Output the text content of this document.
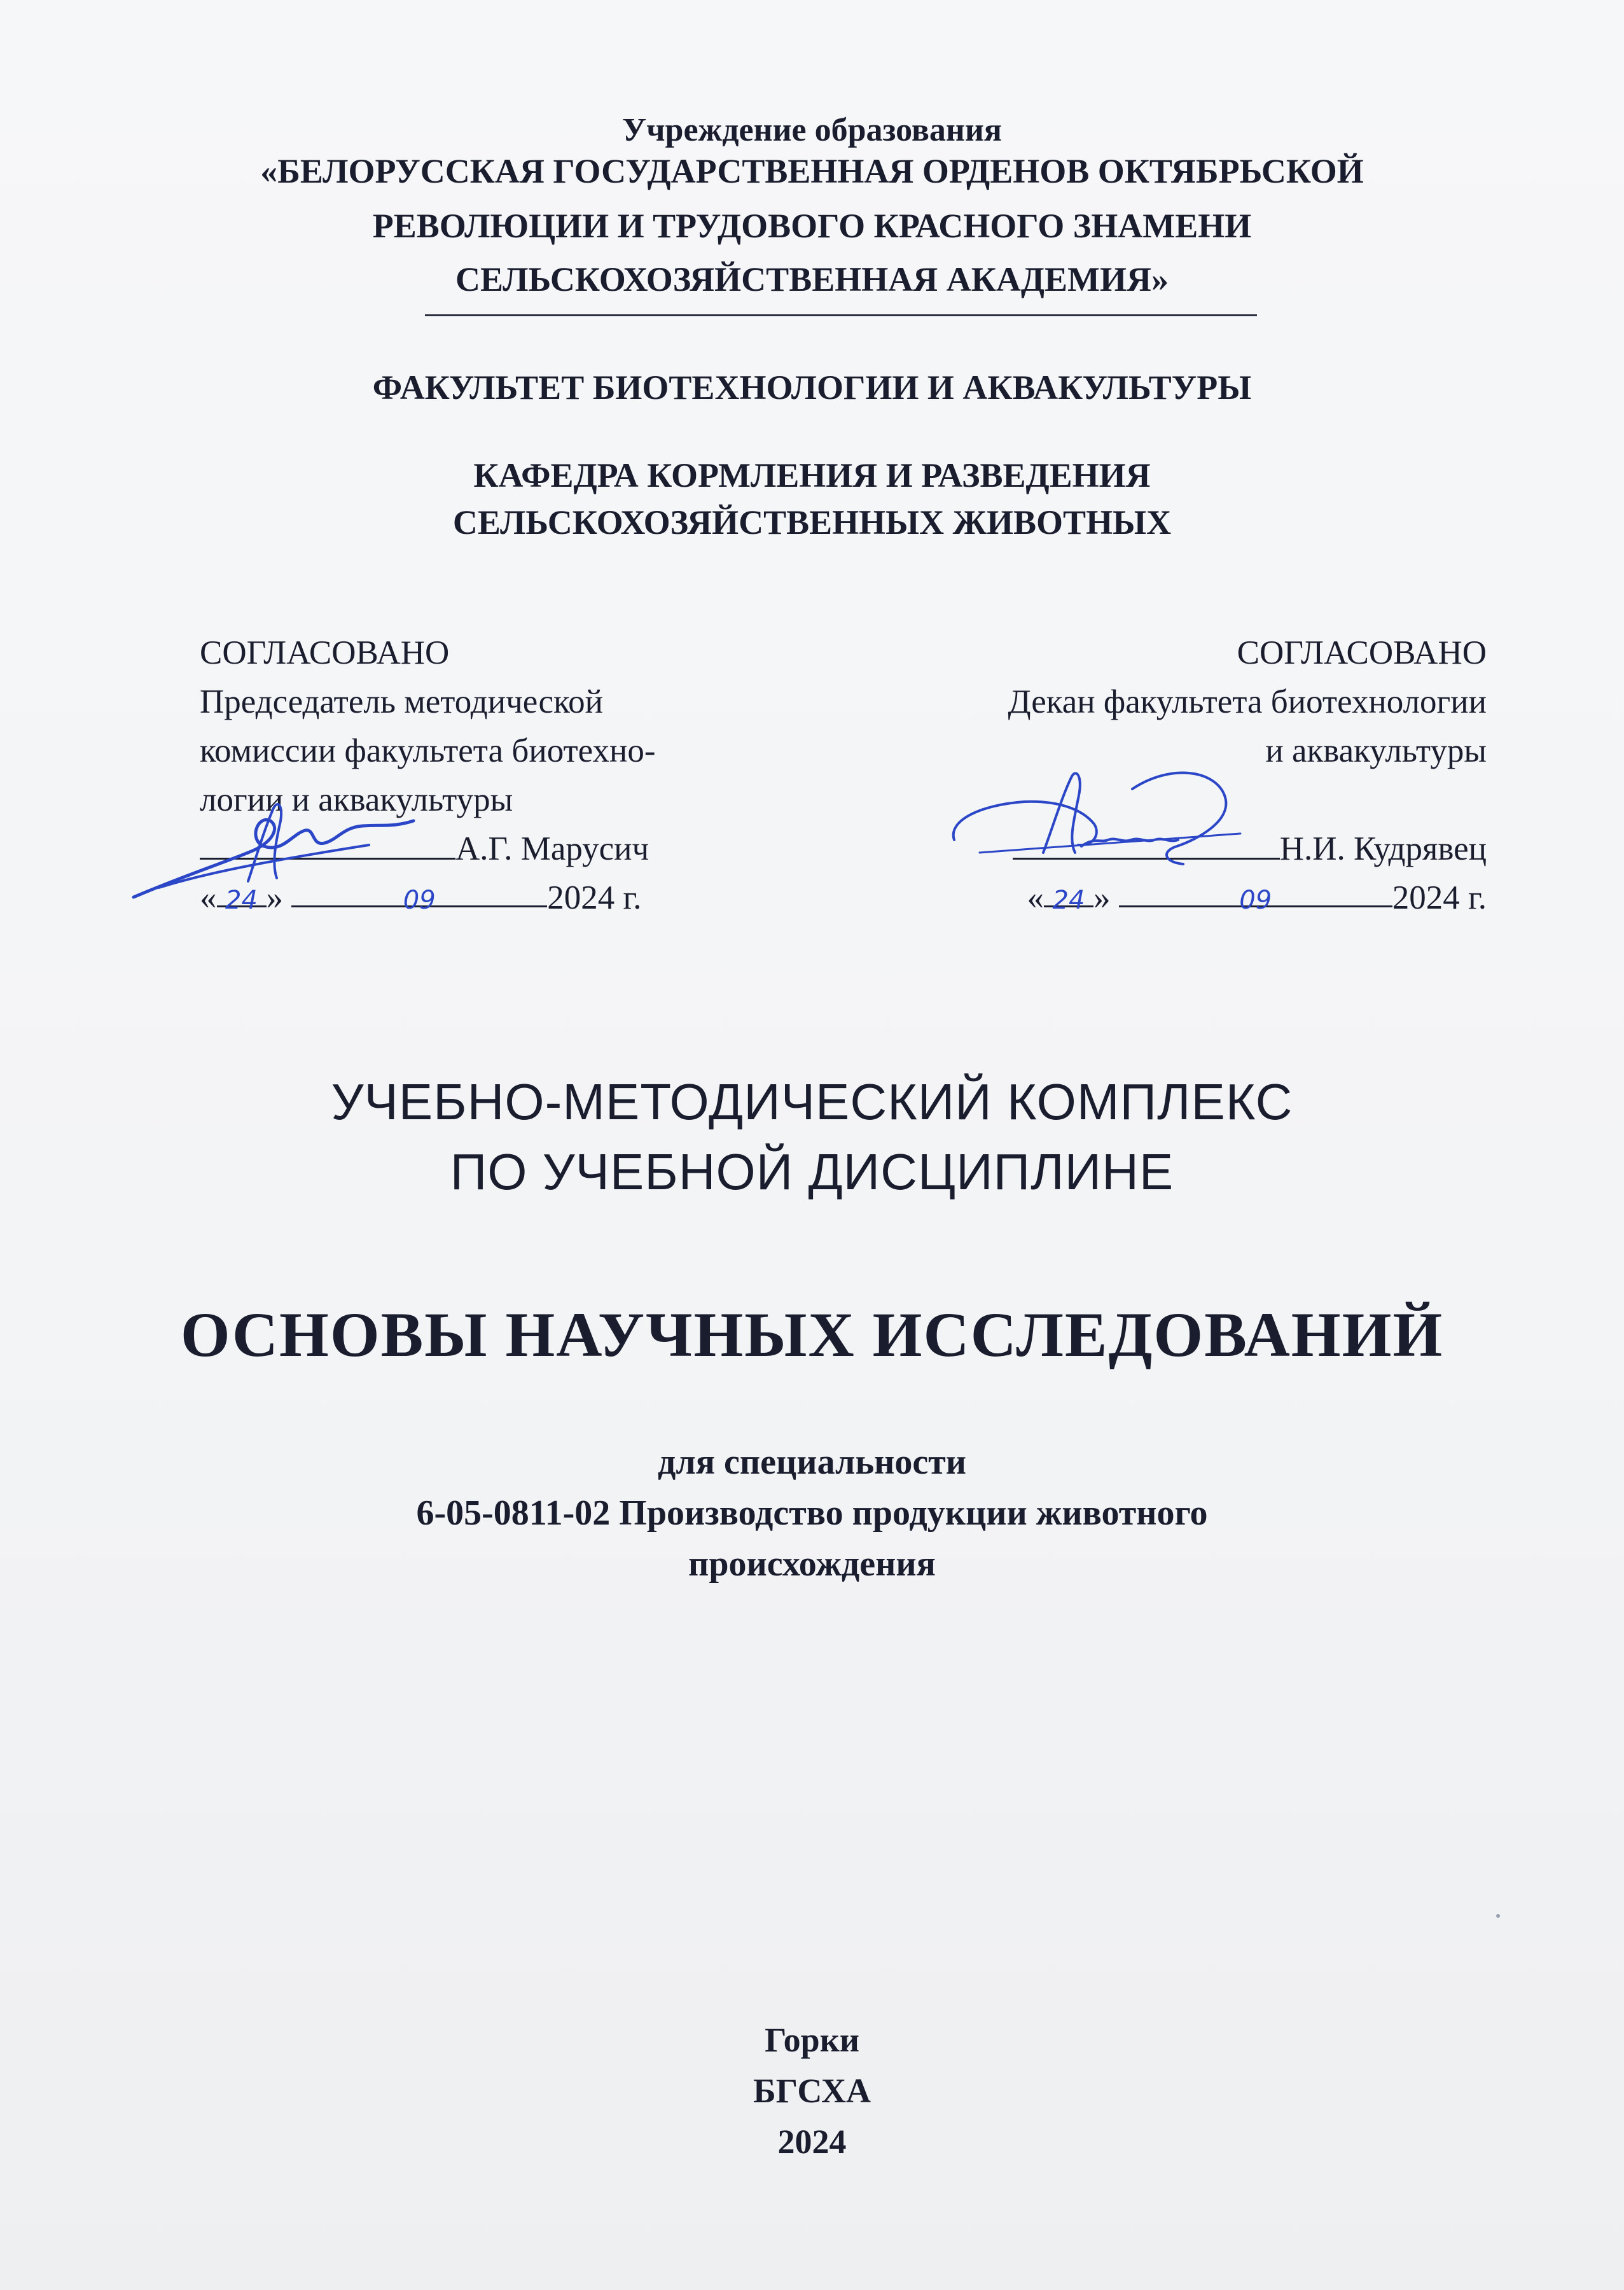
Учреждение образования
«БЕЛОРУССКАЯ ГОСУДАРСТВЕННАЯ ОРДЕНОВ ОКТЯБРЬСКОЙ
РЕВОЛЮЦИИ И ТРУДОВОГО КРАСНОГО ЗНАМЕНИ
СЕЛЬСКОХОЗЯЙСТВЕННАЯ АКАДЕМИЯ»
ФАКУЛЬТЕТ БИОТЕХНОЛОГИИ И АКВАКУЛЬТУРЫ
КАФЕДРА КОРМЛЕНИЯ И РАЗВЕДЕНИЯ
СЕЛЬСКОХОЗЯЙСТВЕННЫХ ЖИВОТНЫХ
СОГЛАСОВАНО
Председатель методической
комиссии факультета биотехно-
логии и аквакультуры
А.Г. Марусич
« 24 »	09	2024 г.
СОГЛАСОВАНО
Декан факультета биотехнологии
и аквакультуры
Н.И. Кудрявец
« 24 »	09	2024 г.
УЧЕБНО-МЕТОДИЧЕСКИЙ КОМПЛЕКС
ПО УЧЕБНОЙ ДИСЦИПЛИНЕ
ОСНОВЫ НАУЧНЫХ ИССЛЕДОВАНИЙ
для специальности
6-05-0811-02 Производство продукции животного
происхождения
Горки
БГСХА
2024
